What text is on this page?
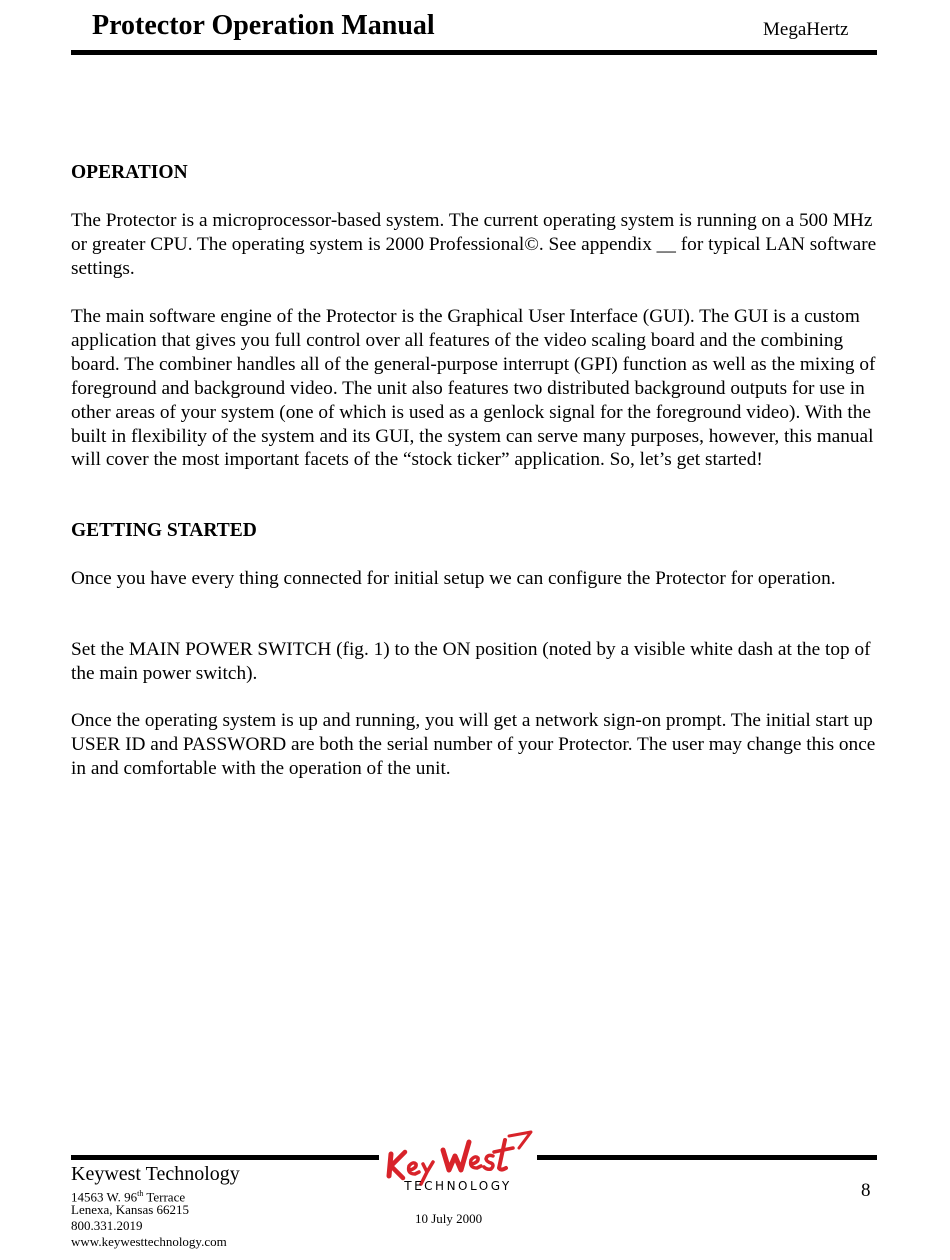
Protector Operation Manual	MegaHertz
OPERATION

The Protector is a microprocessor-based system. The current operating system is running on a 500 MHz or greater CPU. The operating system is 2000 Professional©. See appendix __ for typical LAN software settings.

The main software engine of the Protector is the Graphical User Interface (GUI). The GUI is a custom application that gives you full control over all features of the video scaling board and the combining board. The combiner handles all of the general-purpose interrupt (GPI) function as well as the mixing of foreground and background video. The unit also features two distributed background outputs for use in other areas of your system (one of which is used as a genlock signal for the foreground video). With the built in flexibility of the system and its GUI, the system can serve many purposes, however, this manual will cover the most important facets of the “stock ticker” application. So, let’s get started!

GETTING STARTED

Once you have every thing connected for initial setup we can configure the Protector for operation.

Set the MAIN POWER SWITCH (fig. 1) to the ON position (noted by a visible white dash at the top of the main power switch).

Once the operating system is up and running, you will get a network sign-on prompt. The initial start up USER ID and PASSWORD are both the serial number of your Protector. The user may change this once in and comfortable with the operation of the unit.

Keywest Technology
14563 W. 96th Terrace
Lenexa, Kansas 66215
800.331.2019
www.keywesttechnology.com
TECHNOLOGY
10 July 2000
8
